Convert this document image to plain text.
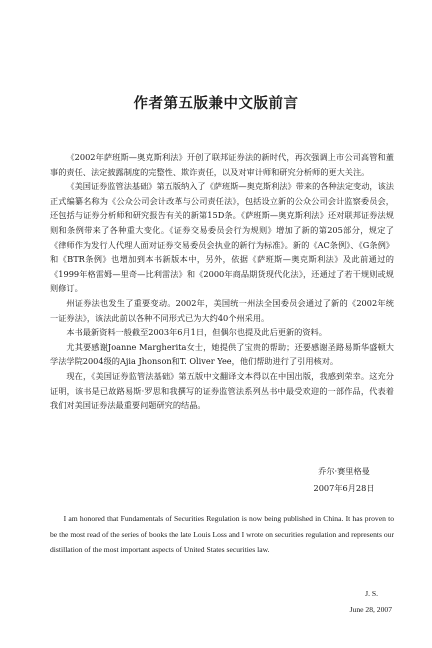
作者第五版兼中文版前言

《2002年萨班斯—奥克斯利法》开创了联邦证券法的新时代，再次强调上市公司高管和董事的责任、法定披露制度的完整性、欺诈责任，以及对审计师和研究分析师的更大关注。

《美国证券监管法基础》第五版纳入了《萨班斯—奥克斯利法》带来的各种法定变动，该法正式编纂名称为《公众公司会计改革与公司责任法》，包括设立新的公众公司会计监察委员会，还包括与证券分析师和研究报告有关的新第15D条。《萨班斯—奥克斯利法》还对联邦证券法规则和条例带来了各种重大变化。《证券交易委员会行为规则》增加了新的第205部分，规定了《律师作为发行人代理人面对证券交易委员会执业的新行为标准》。新的《AC条例》、《G条例》和《BTR条例》也增加到本书新版本中，另外，依据《萨班斯—奥克斯利法》及此前通过的《1999年格雷姆—里奇—比利雷法》和《2000年商品期货现代化法》，还通过了若干规则或规则修订。

州证券法也发生了重要变动。2002年，美国统一州法全国委员会通过了新的《2002年统一证券法》，该法此前以各种不同形式已为大约40个州采用。

本书最新资料一般截至2003年6月1日，但偶尔也提及此后更新的资料。

尤其要感谢Joanne Margherita女士，她提供了宝贵的帮助；还要感谢圣路易斯华盛顿大学法学院2004级的Ajia Jhonson和T. Oliver Yee，他们帮助进行了引用核对。

现在，《美国证券监管法基础》第五版中文翻译文本得以在中国出版，我感到荣幸。这充分证明，该书是已故路易斯·罗思和我撰写的证券监管法系列丛书中最受欢迎的一部作品，代表着我们对美国证券法最重要问题研究的结晶。

乔尔·赛里格曼
2007年6月28日

I am honored that Fundamentals of Securities Regulation is now being published in China. It has proven to be the most read of the series of books the late Louis Loss and I wrote on securities regulation and represents our distillation of the most important aspects of United States securities law.

J. S.
June 28, 2007
